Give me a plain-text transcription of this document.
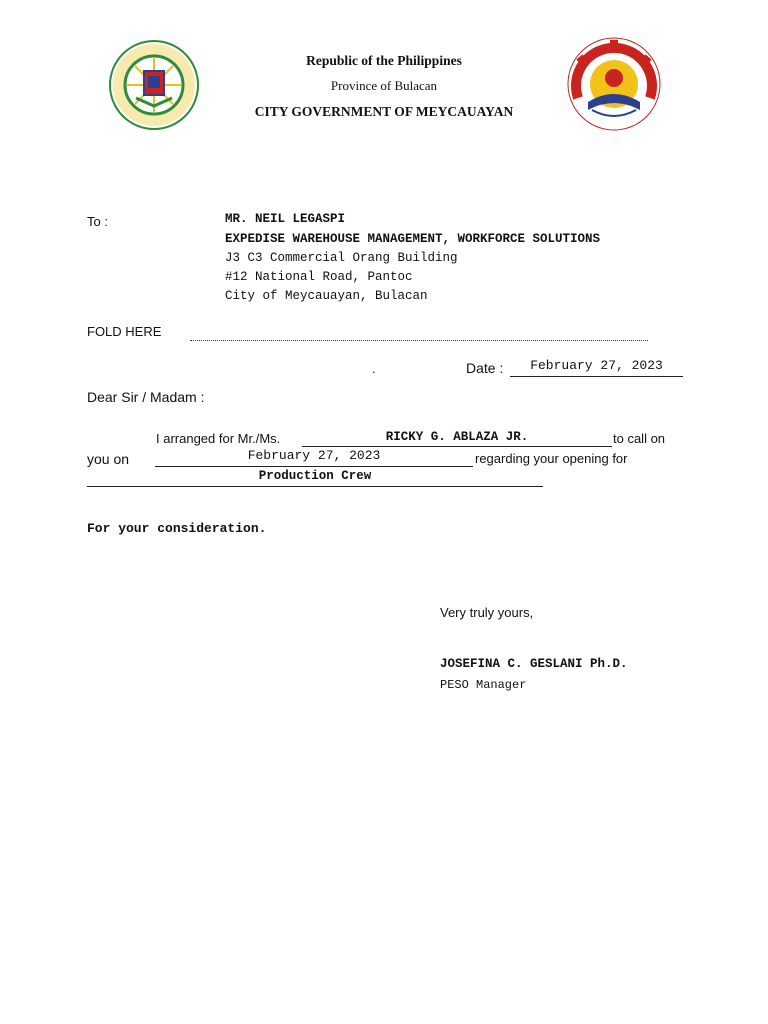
Republic of the Philippines
Province of Bulacan
CITY GOVERNMENT OF MEYCAUAYAN
To :	MR. NEIL LEGASPI
EXPEDISE WAREHOUSE MANAGEMENT, WORKFORCE SOLUTIONS
J3 C3 Commercial Orang Building
#12 National Road, Pantoc
City of Meycauayan, Bulacan
FOLD HERE
.	Date :	February 27, 2023
Dear Sir / Madam :
I arranged for Mr./Ms.	RICKY G. ABLAZA JR.	to call on
you on	February 27, 2023	regarding your opening for
Production Crew
For your consideration.
Very truly yours,
JOSEFINA C. GESLANI Ph.D.
PESO Manager
